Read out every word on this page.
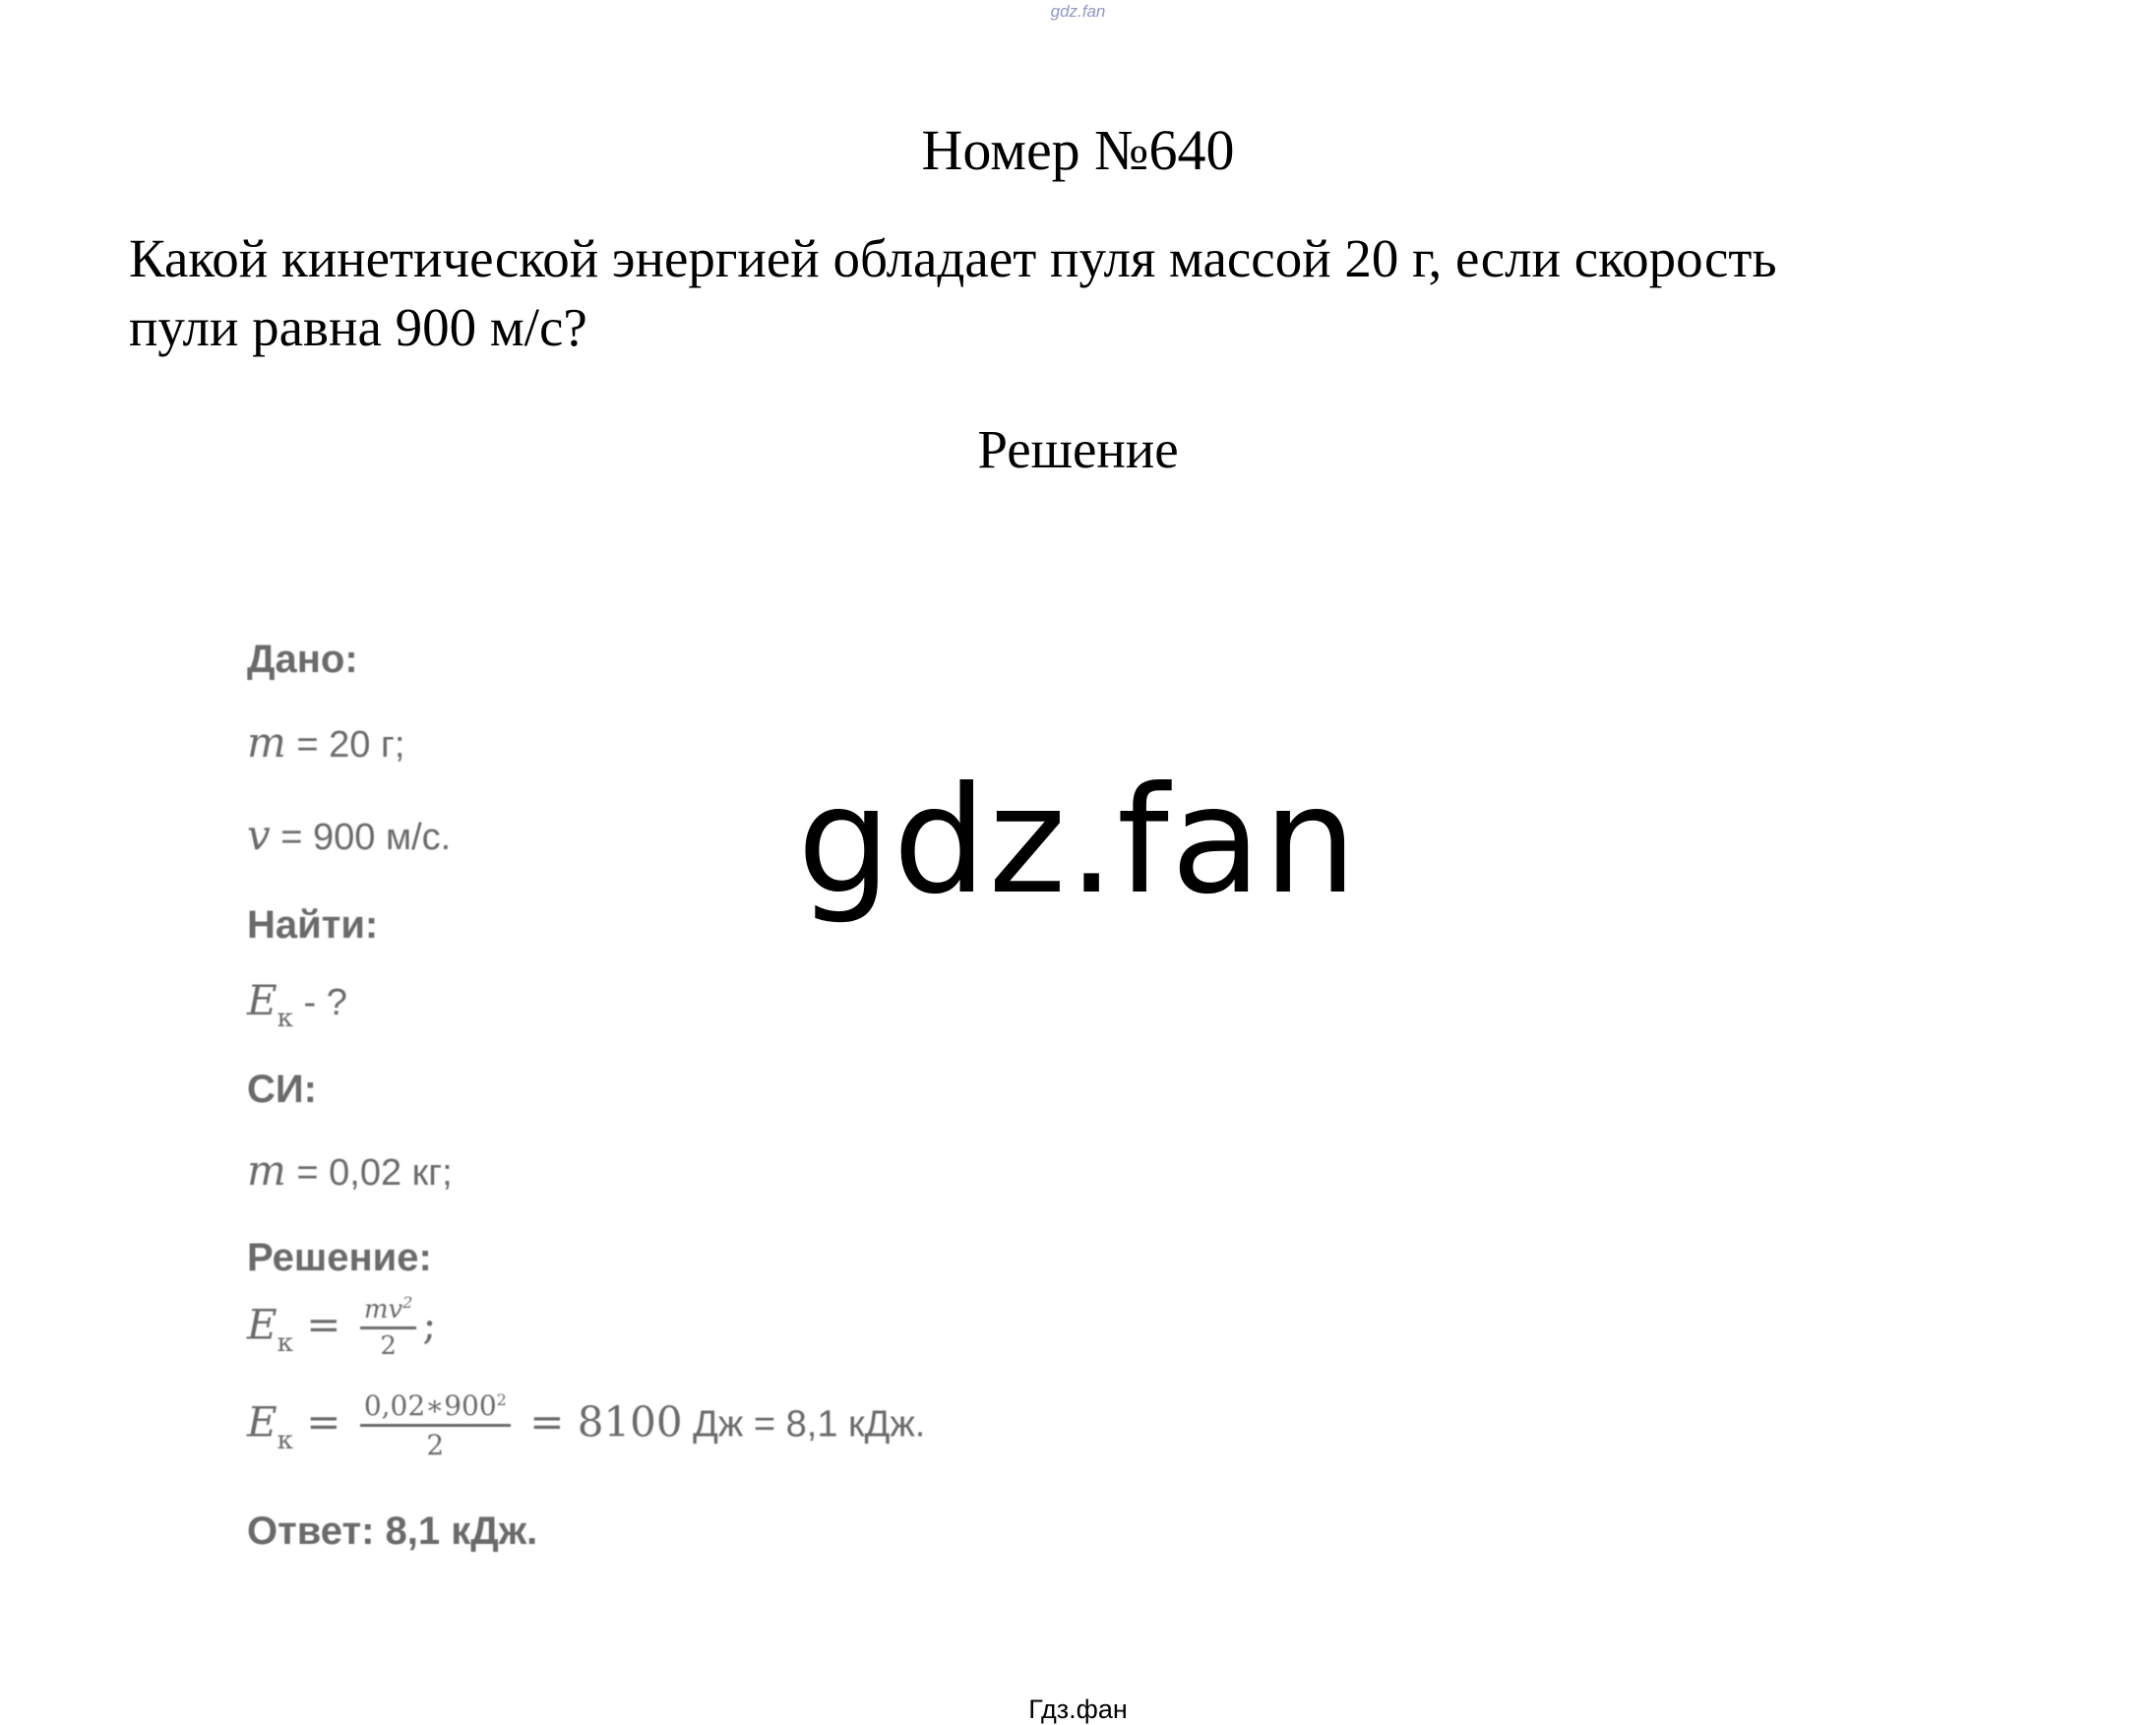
gdz.fan
Номер №640
Какой кинетической энергией обладает пуля массой 20 г, если скорость
пули равна 900 м/с?
Решение
Дано:
m = 20 г;
v = 900 м/с.
Найти:
$E_к$ - ?
СИ:
m = 0,02 кг;
Решение:
$E_к = \frac{mv^2}{2}$ ;
$E_к = \frac{0,02∗900^2}{2} = 8100$ Дж = 8,1 кДж.
Ответ: 8,1 кДж.
gdz.fan
Гдз.фан
